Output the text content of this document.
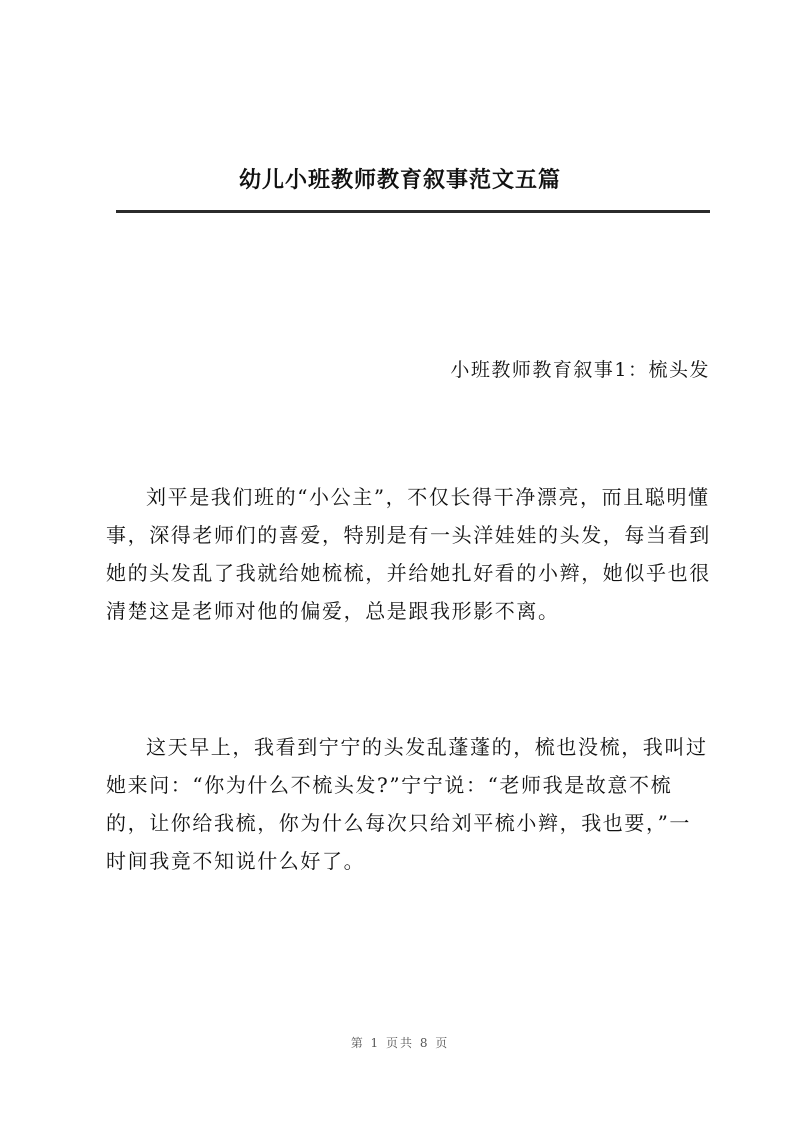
幼儿小班教师教育叙事范文五篇
小班教师教育叙事1：梳头发

刘平是我们班的“小公主”，不仅长得干净漂亮，而且聪明懂事，深得老师们的喜爱，特别是有一头洋娃娃的头发，每当看到她的头发乱了我就给她梳梳，并给她扎好看的小辫，她似乎也很清楚这是老师对他的偏爱，总是跟我形影不离。

这天早上，我看到宁宁的头发乱蓬蓬的，梳也没梳，我叫过她来问：“你为什么不梳头发?”宁宁说：“老师我是故意不梳的，让你给我梳，你为什么每次只给刘平梳小辫，我也要，”一时间我竟不知说什么好了。

第 1 页共 8 页
